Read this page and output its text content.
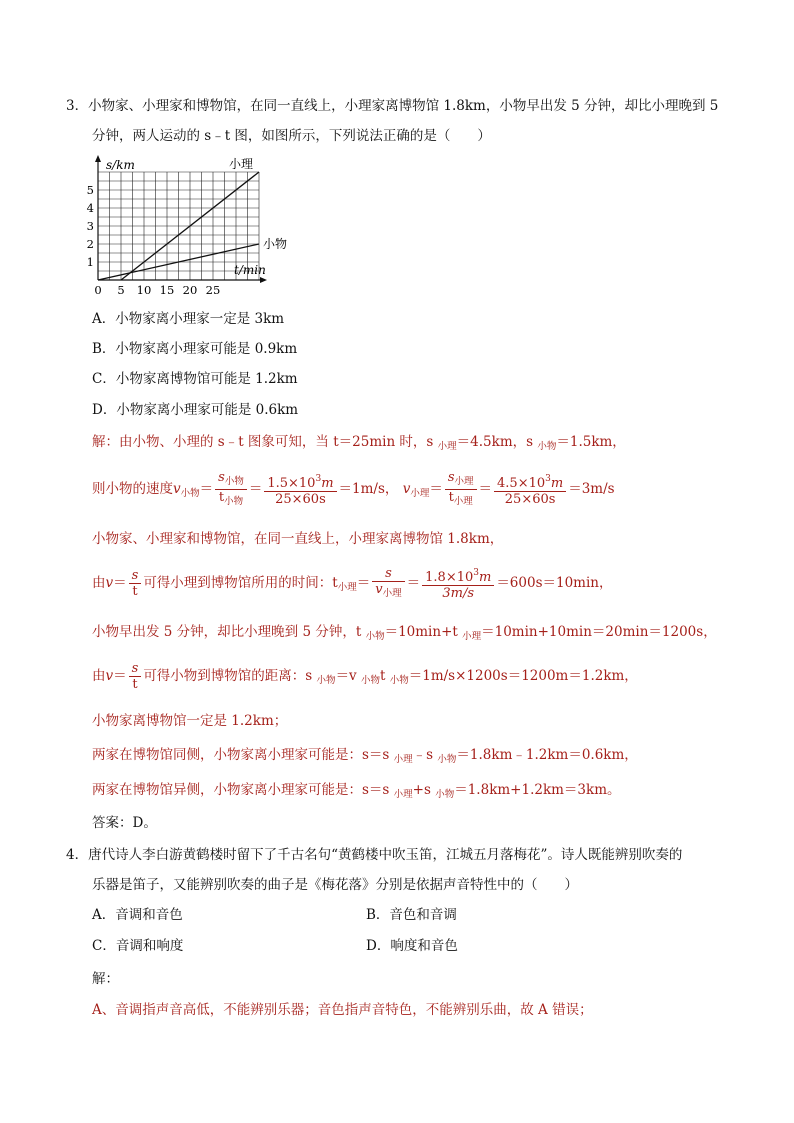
3．小物家、小理家和博物馆，在同一直线上，小理家离博物馆 1.8km，小物早出发 5 分钟，却比小理晚到 5
分钟，两人运动的 s﹣t 图，如图所示，下列说法正确的是（　　）
小理
小物
0 5 10 15 20 25
1
2
3
4
5
s/km
t/min
A．小物家离小理家一定是 3km
B．小物家离小理家可能是 0.9km
C．小物家离博物馆可能是 1.2km
D．小物家离小理家可能是 0.6km
解：由小物、小理的 s﹣t 图象可知，当 t＝25min 时，s $_{小理}$＝4.5km，s $_{小物}$＝1.5km，
则小物的速度$v_{小物}= \frac{s_{小物}}{t_{小物}} = \frac{1.5\times 10^3m}{25\times 60s} =1m/s$， $v_{小理}= \frac{s_{小理}}{t_{小理}} = \frac{4.5\times 10^3m}{25\times 60s} =3m/s$
小物家、小理家和博物馆，在同一直线上，小理家离博物馆 1.8km，
由$v= \frac{s}{t}$ 可得小理到博物馆所用的时间：$t_{小理}= \frac{s}{v_{小理}} = \frac{1.8\times 10^3m}{3m/s} =600s=10\min$，
小物早出发 5 分钟，却比小理晚到 5 分钟，t $_{小物}$＝10min+t $_{小理}$＝10min+10min＝20min＝1200s，
由$v= \frac{s}{t}$ 可得小物到博物馆的距离：s $_{小物}$＝v $_{小物}$t $_{小物}$＝1m/s×1200s＝1200m＝1.2km，
小物家离博物馆一定是 1.2km；
两家在博物馆同侧，小物家离小理家可能是：s＝s $_{小理}$﹣s $_{小物}$＝1.8km﹣1.2km＝0.6km，
两家在博物馆异侧，小物家离小理家可能是：s＝s $_{小理}$+s $_{小物}$＝1.8km+1.2km＝3km。
答案：D。
4．唐代诗人李白游黄鹤楼时留下了千古名句“黄鹤楼中吹玉笛，江城五月落梅花”。诗人既能辨别吹奏的
乐器是笛子，又能辨别吹奏的曲子是《梅花落》分别是依据声音特性中的（　　）
A．音调和音色	B．音色和音调
C．音调和响度	D．响度和音色
解：
A、音调指声音高低，不能辨别乐器；音色指声音特色，不能辨别乐曲，故 A 错误；
